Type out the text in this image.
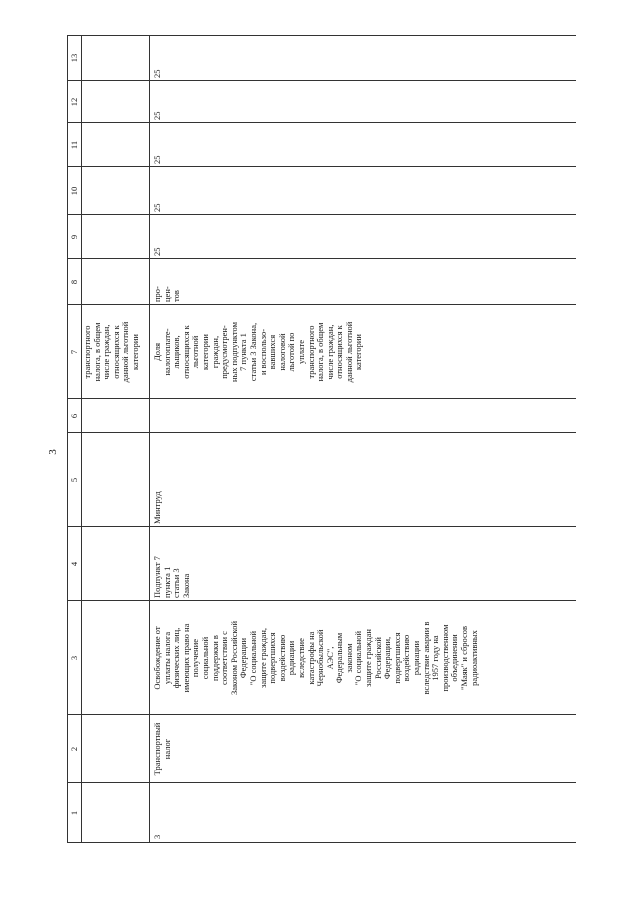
3
1
2
3
4
5
6
7
8
9
10
11
12
13
транспортного
налога, в общем
числе граждан,
относящихся к
данной льготной
категории
3
Транспортный
налог
Освобождение от
уплаты налога
физических лиц,
имеющих право на
получение
социальной
поддержки в
соответствии с
Законом Российской
Федерации
"О социальной
защите граждан,
подвергшихся
воздействию
радиации
вследствие
катастрофы на
Чернобыльской
АЭС",
Федеральным
законом
"О социальной
защите граждан
Российской
Федерации,
подвергшихся
воздействию
радиации
вследствие аварии в
1957 году на
производственном
объединении
"Маяк" и сбросов
радиоактивных
Подпункт 7
пункта 1
статьи 3
Закона
Минтруд
Доля
налогоплате-
льщиков,
относящихся к
льготной
категории
граждан,
предусмотрен-
ных подпунктом
7 пункта 1
статьи 3 Закона,
и воспользо-
вавшихся
налоговой
льготой по
уплате
транспортного
налога, в общем
числе граждан,
относящихся к
данной льготной
категории
про-
цен-
тов
25
25
25
25
25
